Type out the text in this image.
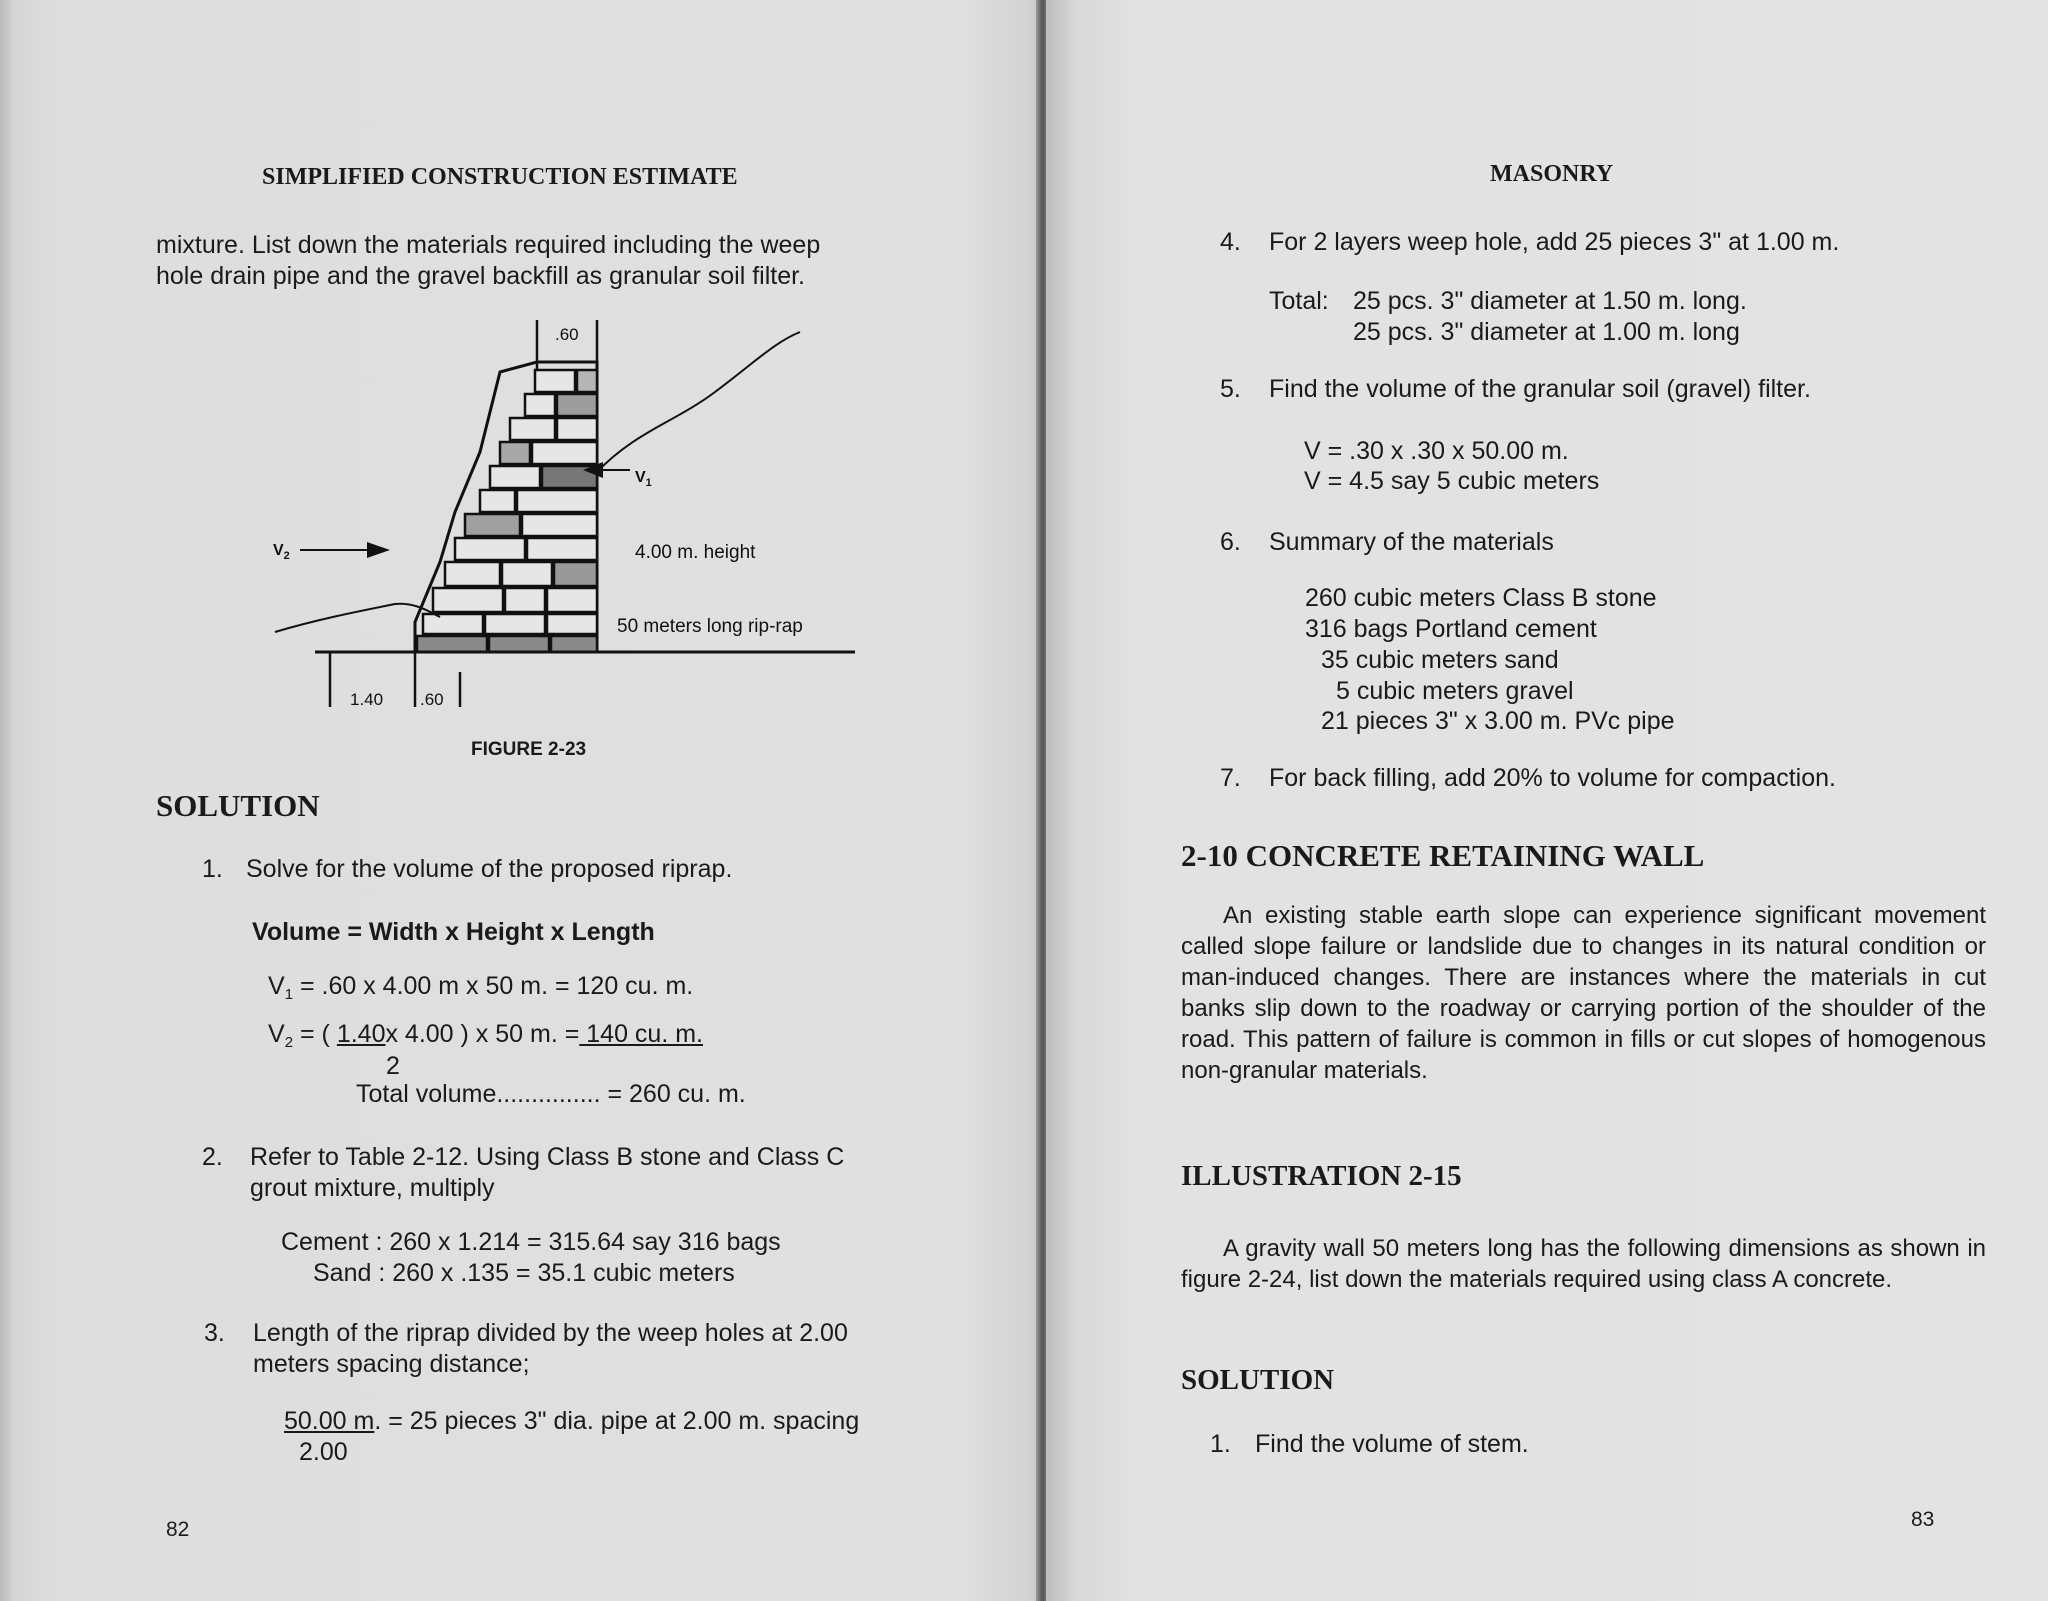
SIMPLIFIED CONSTRUCTION ESTIMATE
mixture. List down the materials required including the weep
hole drain pipe and the gravel backfill as granular soil filter.
.60
$V_1$
$V_2$	4.00 m. height
50 meters long rip-rap
1.40 .60
FIGURE 2-23
SOLUTION
1. Solve for the volume of the proposed riprap.
Volume = Width x Height x Length
$V_1 = .60$ x 4.00 m x 50 m. = 120 cu. m.
$V_2$ = ( 1.40x 4.00 ) x 50 m. = 140 cu. m.
2
Total volume............... = 260 cu. m.
2. Refer to Table 2-12. Using Class B stone and Class C
grout mixture, multiply
Cement : 260 x 1.214 = 315.64 say 316 bags
Sand : 260 x .135 = 35.1 cubic meters
3. Length of the riprap divided by the weep holes at 2.00
meters spacing distance;
50.00 m. = 25 pieces 3" dia. pipe at 2.00 m. spacing
2.00
82
MASONRY
4. For 2 layers weep hole, add 25 pieces 3" at 1.00 m.
Total: 25 pcs. 3" diameter at 1.50 m. long.
25 pcs. 3" diameter at 1.00 m. long
5. Find the volume of the granular soil (gravel) filter.
V = .30 x .30 x 50.00 m.
V = 4.5 say 5 cubic meters
6. Summary of the materials
260 cubic meters Class B stone
316 bags Portland cement
35 cubic meters sand
5 cubic meters gravel
21 pieces 3" x 3.00 m. PVc pipe
7. For back filling, add 20% to volume for compaction.
2-10 CONCRETE RETAINING WALL
An existing stable earth slope can experience significant movement called slope failure or landslide due to changes in its natural condition or man-induced changes. There are instances where the materials in cut banks slip down to the roadway or carrying portion of the shoulder of the road. This pattern of failure is common in fills or cut slopes of homogenous non-granular materials.
ILLUSTRATION 2-15
A gravity wall 50 meters long has the following dimensions as shown in figure 2-24, list down the materials required using class A concrete.
SOLUTION
1. Find the volume of stem.
83
